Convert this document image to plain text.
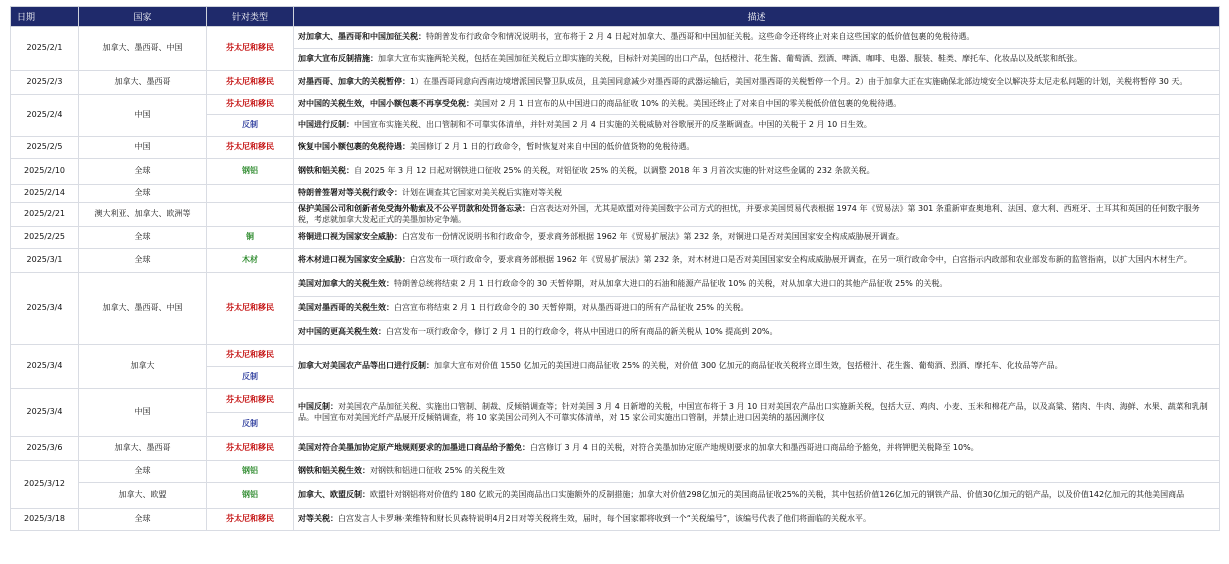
日期	国家	针对类型	描述
2025/2/1	加拿大、墨西哥、中国	芬太尼和移民	对加拿大、墨西哥和中国加征关税：特朗普发布行政命令和情况说明书，宣布将于 2 月 4 日起对加拿大、墨西哥和中国加征关税。这些命令还将终止对来自这些国家的低价值包裹的免税待遇。
			加拿大宣布反制措施：加拿大宣布实施两轮关税，包括在美国加征关税后立即实施的关税，目标针对美国的出口产品，包括橙汁、花生酱、葡萄酒、烈酒、啤酒、咖啡、电器、服装、鞋类、摩托车、化妆品以及纸浆和纸张。
2025/2/3	加拿大、墨西哥	芬太尼和移民	对墨西哥、加拿大的关税暂停：1）在墨西哥同意向西南边境增派国民警卫队成员，且美国同意减少对墨西哥的武器运输后，美国对墨西哥的关税暂停一个月。2）由于加拿大正在实施确保北部边境安全以解决芬太尼走私问题的计划，关税将暂停 30 天。
2025/2/4	中国	芬太尼和移民	对中国的关税生效，中国小额包裹不再享受免税：美国对 2 月 1 日宣布的从中国进口的商品征收 10% 的关税。美国还终止了对来自中国的零关税低价值包裹的免税待遇。
		反制	中国进行反制：中国宣布实施关税、出口管制和不可靠实体清单，并针对美国 2 月 4 日实施的关税威胁对谷歌展开的反垄断调查。中国的关税于 2 月 10 日生效。
2025/2/5	中国	芬太尼和移民	恢复中国小额包裹的免税待遇：美国修订 2 月 1 日的行政命令，暂时恢复对来自中国的低价值货物的免税待遇。
2025/2/10	全球	钢铝	钢铁和铝关税：自 2025 年 3 月 12 日起对钢铁进口征收 25% 的关税，对铝征收 25% 的关税，以调整 2018 年 3 月首次实施的针对这些金属的 232 条款关税。
2025/2/14	全球		特朗普签署对等关税行政令：计划在调查其它国家对美关税后实施对等关税
2025/2/21	澳大利亚、加拿大、欧洲等		保护美国公司和创新者免受海外勒索及不公平罚款和处罚备忘录：白宫表达对外国，尤其是欧盟对待美国数字公司方式的担忧，并要求美国贸易代表根据 1974 年《贸易法》第 301 条重新审查奥地利、法国、意大利、西班牙、土耳其和英国的任何数字服务税，考虑就加拿大发起正式的美墨加协定争端。
2025/2/25	全球	铜	将铜进口视为国家安全威胁：白宫发布一份情况说明书和行政命令，要求商务部根据 1962 年《贸易扩展法》第 232 条，对铜进口是否对美国国家安全构成威胁展开调查。
2025/3/1	全球	木材	将木材进口视为国家安全威胁：白宫发布一项行政命令，要求商务部根据 1962 年《贸易扩展法》第 232 条，对木材进口是否对美国国家安全构成威胁展开调查，在另一项行政命令中，白宫指示内政部和农业部发布新的监管指南，以扩大国内木材生产。
2025/3/4	加拿大、墨西哥、中国	芬太尼和移民	美国对加拿大的关税生效：特朗普总统将结束 2 月 1 日行政命令的 30 天暂停期，对从加拿大进口的石油和能源产品征收 10% 的关税，对从加拿大进口的其他产品征收 25% 的关税。
			美国对墨西哥的关税生效：白宫宣布将结束 2 月 1 日行政命令的 30 天暂停期，对从墨西哥进口的所有产品征收 25% 的关税。
			对中国的更高关税生效：白宫发布一项行政命令，修订 2 月 1 日的行政命令，将从中国进口的所有商品的新关税从 10% 提高到 20%。
2025/3/4	加拿大	芬太尼和移民	加拿大对美国农产品等出口进行反制：加拿大宣布对价值 1550 亿加元的美国进口商品征收 25% 的关税，对价值 300 亿加元的商品征收关税将立即生效，包括橙汁、花生酱、葡萄酒、烈酒、摩托车、化妆品等产品。
		反制	
2025/3/4	中国	芬太尼和移民	中国反制：对美国农产品加征关税、实施出口管制、制裁、反倾销调查等；针对美国 3 月 4 日新增的关税，中国宣布将于 3 月 10 日对美国农产品出口实施新关税，包括大豆、鸡肉、小麦、玉米和棉花产品，以及高粱、猪肉、牛肉、海鲜、水果、蔬菜和乳制品。中国宣布对美国光纤产品展开反倾销调查，将 10 家美国公司列入不可靠实体清单，对 15 家公司实施出口管制，并禁止进口因美纳的基因测序仪
		反制	
2025/3/6	加拿大、墨西哥	芬太尼和移民	美国对符合美墨加协定原产地规则要求的加墨进口商品给予豁免：白宫修订 3 月 4 日的关税，对符合美墨加协定原产地规则要求的加拿大和墨西哥进口商品给予豁免，并将钾肥关税降至 10%。
2025/3/12	全球	钢铝	钢铁和铝关税生效：对钢铁和铝进口征收 25% 的关税生效
	加拿大、欧盟	钢铝	加拿大、欧盟反制：欧盟针对钢铝将对价值约 180 亿欧元的美国商品出口实施额外的反制措施；加拿大对价值298亿加元的美国商品征收25%的关税，其中包括价值126亿加元的钢铁产品、价值30亿加元的铝产品，以及价值142亿加元的其他美国商品
2025/3/18	全球	芬太尼和移民	对等关税：白宫发言人卡罗琳·莱维特和财长贝森特说明4月2日对等关税将生效，届时，每个国家都将收到一个“关税编号”，该编号代表了他们将面临的关税水平。
